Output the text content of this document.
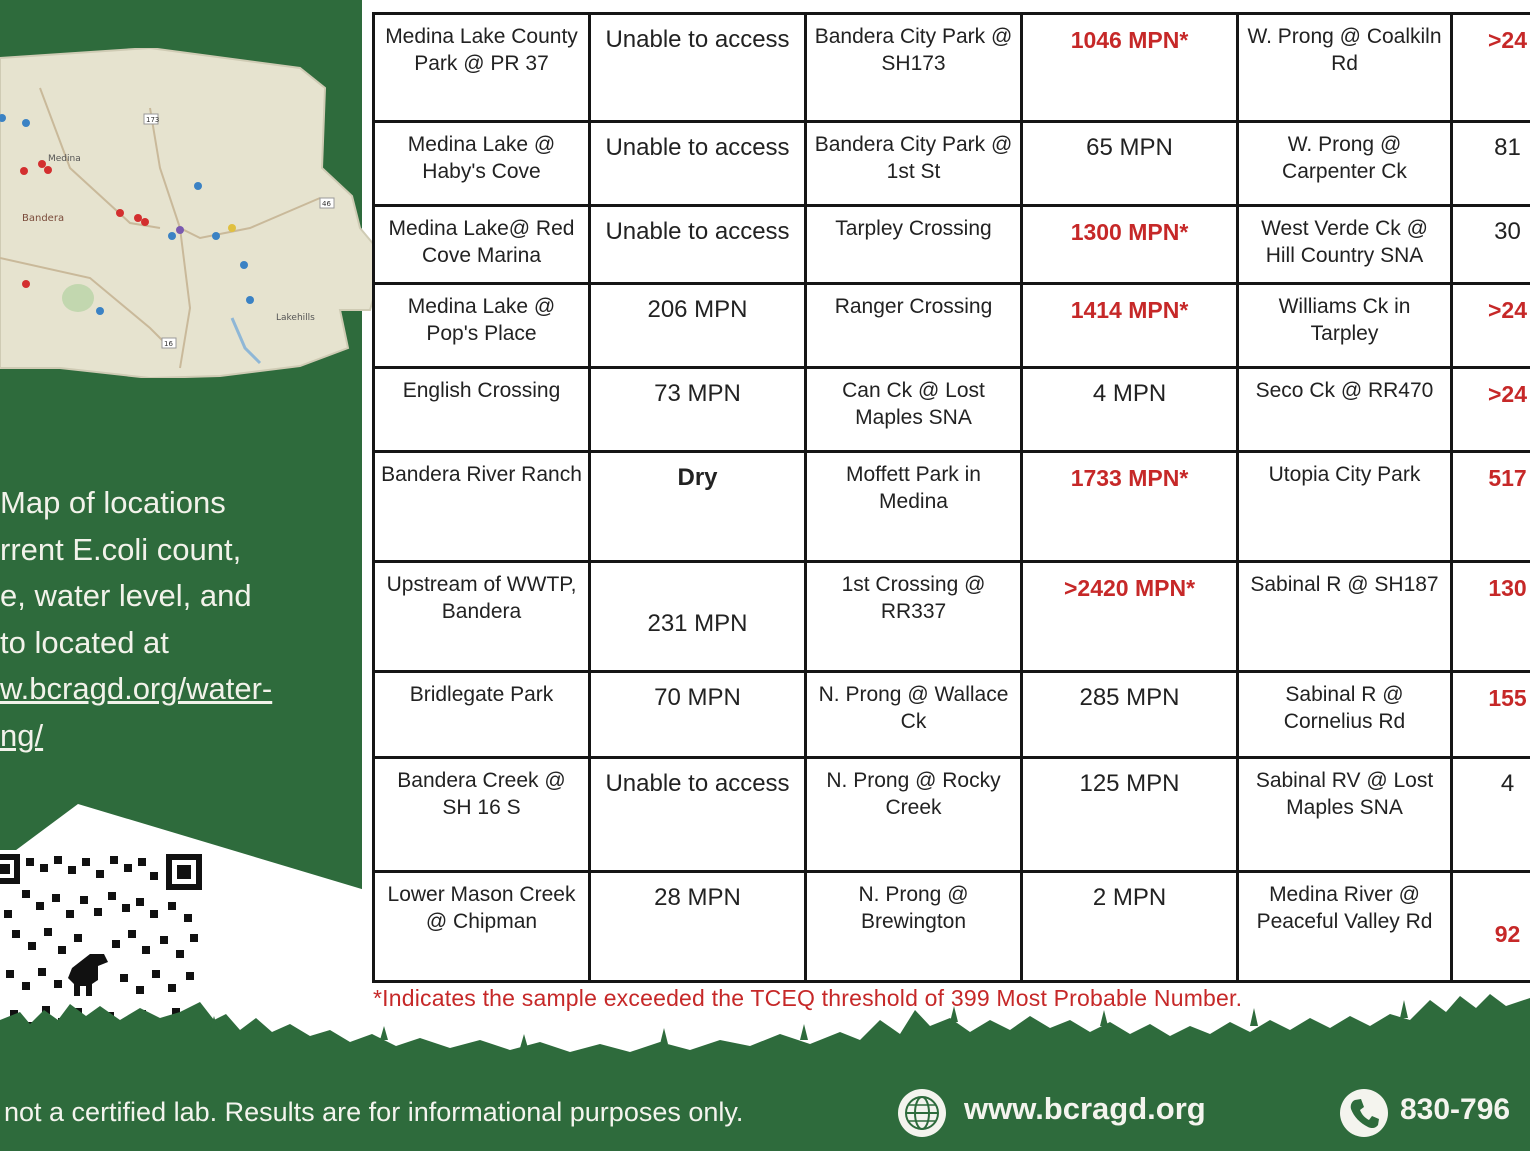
Medina
Bandera
Lakehills
173
16
46
Map of locations
rrent E.coli count,
e, water level, and
to located at
w.bcragd.org/water-
ng/
Medina Lake County Park @ PR 37	Unable to access	Bandera City Park @ SH173	1046 MPN*	W. Prong @ Coalkiln Rd	>24
Medina Lake @ Haby's Cove	Unable to access	Bandera City Park @ 1st St	65 MPN	W. Prong @ Carpenter Ck	81
Medina Lake@ Red Cove Marina	Unable to access	Tarpley Crossing	1300 MPN*	West Verde Ck @ Hill Country SNA	30
Medina Lake @ Pop's Place	206 MPN	Ranger Crossing	1414 MPN*	Williams Ck in Tarpley	>24
English Crossing	73 MPN	Can Ck @ Lost Maples SNA	4 MPN	Seco Ck @ RR470	>24
Bandera River Ranch	Dry	Moffett Park in Medina	1733 MPN*	Utopia City Park	517
Upstream of WWTP, Bandera	231 MPN	1st Crossing @ RR337	>2420 MPN*	Sabinal R @ SH187	130
Bridlegate Park	70 MPN	N. Prong @ Wallace Ck	285 MPN	Sabinal R @ Cornelius Rd	155
Bandera Creek @ SH 16 S	Unable to access	N. Prong @ Rocky Creek	125 MPN	Sabinal RV @ Lost Maples SNA	4
Lower Mason Creek @ Chipman	28 MPN	N. Prong @ Brewington	2 MPN	Medina River @ Peaceful Valley Rd	92
*Indicates the sample exceeded the TCEQ threshold of 399 Most Probable Number.
not a certified lab. Results are for informational purposes only.	www.bcragd.org	830-796
